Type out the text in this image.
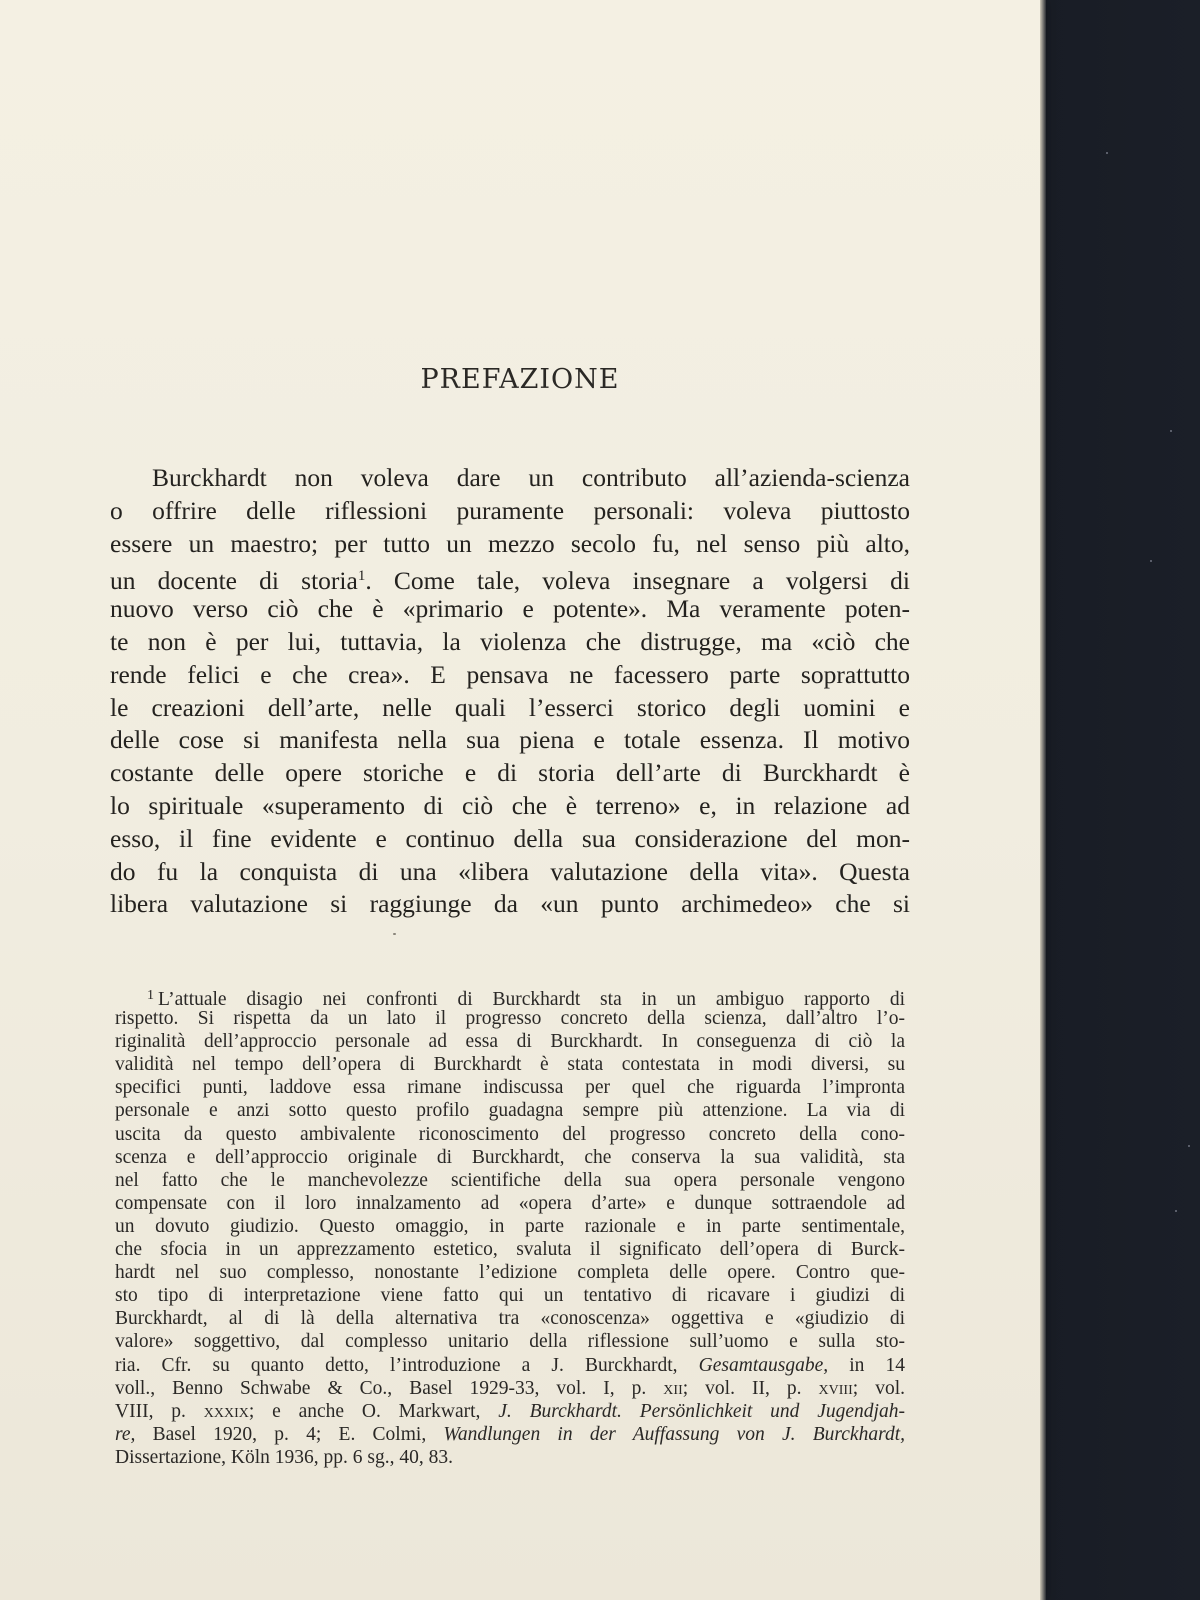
PREFAZIONE
Burckhardt non voleva dare un contributo all’azienda-scienza
o offrire delle riflessioni puramente personali: voleva piuttosto
essere un maestro; per tutto un mezzo secolo fu, nel senso più alto,
un docente di storia$^1$. Come tale, voleva insegnare a volgersi di
nuovo verso ciò che è «primario e potente». Ma veramente poten-
te non è per lui, tuttavia, la violenza che distrugge, ma «ciò che
rende felici e che crea». E pensava ne facessero parte soprattutto
le creazioni dell’arte, nelle quali l’esserci storico degli uomini e
delle cose si manifesta nella sua piena e totale essenza. Il motivo
costante delle opere storiche e di storia dell’arte di Burckhardt è
lo spirituale «superamento di ciò che è terreno» e, in relazione ad
esso, il fine evidente e continuo della sua considerazione del mon-
do fu la conquista di una «libera valutazione della vita». Questa
libera valutazione si raggiunge da «un punto archimedeo» che si
$^1$ L’attuale disagio nei confronti di Burckhardt sta in un ambiguo rapporto di
rispetto. Si rispetta da un lato il progresso concreto della scienza, dall’altro l’o-
riginalità dell’approccio personale ad essa di Burckhardt. In conseguenza di ciò la
validità nel tempo dell’opera di Burckhardt è stata contestata in modi diversi, su
specifici punti, laddove essa rimane indiscussa per quel che riguarda l’impronta
personale e anzi sotto questo profilo guadagna sempre più attenzione. La via di
uscita da questo ambivalente riconoscimento del progresso concreto della cono-
scenza e dell’approccio originale di Burckhardt, che conserva la sua validità, sta
nel fatto che le manchevolezze scientifiche della sua opera personale vengono
compensate con il loro innalzamento ad «opera d’arte» e dunque sottraendole ad
un dovuto giudizio. Questo omaggio, in parte razionale e in parte sentimentale,
che sfocia in un apprezzamento estetico, svaluta il significato dell’opera di Burck-
hardt nel suo complesso, nonostante l’edizione completa delle opere. Contro que-
sto tipo di interpretazione viene fatto qui un tentativo di ricavare i giudizi di
Burckhardt, al di là della alternativa tra «conoscenza» oggettiva e «giudizio di
valore» soggettivo, dal complesso unitario della riflessione sull’uomo e sulla sto-
ria. Cfr. su quanto detto, l’introduzione a J. Burckhardt, Gesamtausgabe, in 14
voll., Benno Schwabe & Co., Basel 1929-33, vol. I, p. xii; vol. II, p. xviii; vol.
VIII, p. xxxix; e anche O. Markwart, J. Burckhardt. Persönlichkeit und Jugendjah-
re, Basel 1920, p. 4; E. Colmi, Wandlungen in der Auffassung von J. Burckhardt,
Dissertazione, Köln 1936, pp. 6 sg., 40, 83.
